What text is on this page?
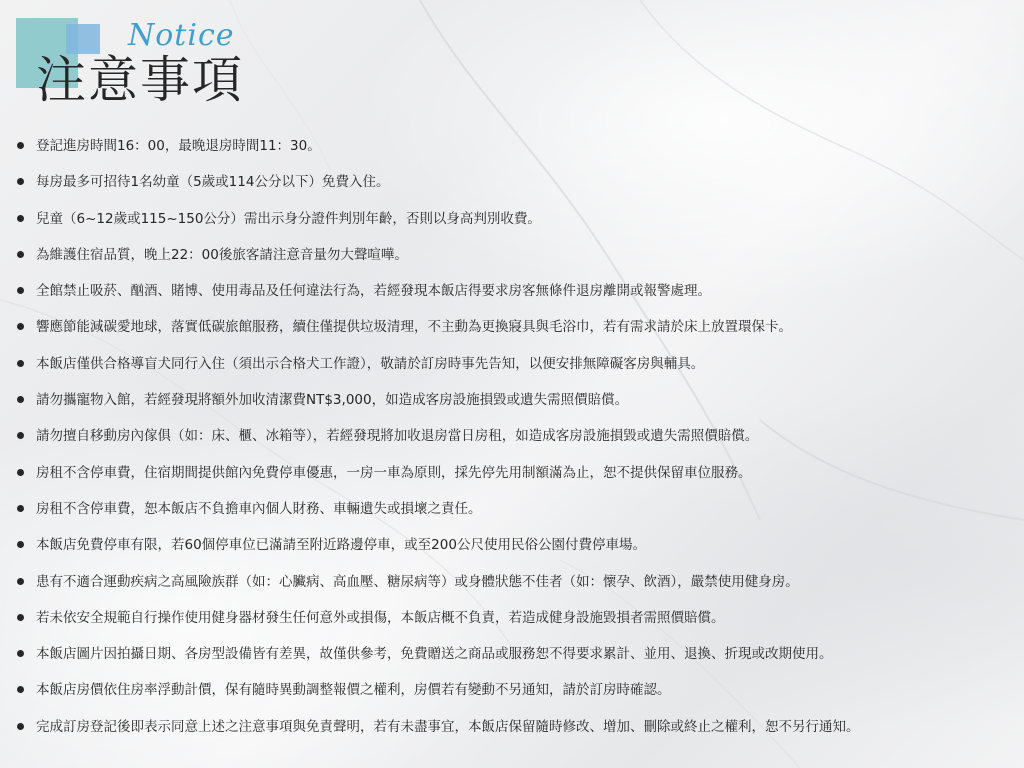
Notice
注意事項
登記進房時間16：00，最晚退房時間11：30。
每房最多可招待1名幼童（5歲或114公分以下）免費入住。
兒童（6~12歲或115~150公分）需出示身分證件判別年齡，否則以身高判別收費。
為維護住宿品質，晚上22：00後旅客請注意音量勿大聲喧嘩。
全館禁止吸菸、酗酒、賭博、使用毒品及任何違法行為，若經發現本飯店得要求房客無條件退房離開或報警處理。
響應節能減碳愛地球，落實低碳旅館服務，續住僅提供垃圾清理，不主動為更換寢具與毛浴巾，若有需求請於床上放置環保卡。
本飯店僅供合格導盲犬同行入住（須出示合格犬工作證），敬請於訂房時事先告知，以便安排無障礙客房與輔具。
請勿攜寵物入館，若經發現將額外加收清潔費NT$3,000，如造成客房設施損毀或遺失需照價賠償。
請勿擅自移動房內傢俱（如：床、櫃、冰箱等），若經發現將加收退房當日房租，如造成客房設施損毀或遺失需照價賠償。
房租不含停車費，住宿期間提供館內免費停車優惠，一房一車為原則，採先停先用制額滿為止，恕不提供保留車位服務。
房租不含停車費，恕本飯店不負擔車內個人財務、車輛遺失或損壞之責任。
本飯店免費停車有限，若60個停車位已滿請至附近路邊停車，或至200公尺使用民俗公園付費停車場。
患有不適合運動疾病之高風險族群（如：心臟病、高血壓、糖尿病等）或身體狀態不佳者（如：懷孕、飲酒），嚴禁使用健身房。
若未依安全規範自行操作使用健身器材發生任何意外或損傷，本飯店概不負責，若造成健身設施毀損者需照價賠償。
本飯店圖片因拍攝日期、各房型設備皆有差異，故僅供參考，免費贈送之商品或服務恕不得要求累計、並用、退換、折現或改期使用。
本飯店房價依住房率浮動計價，保有隨時異動調整報價之權利，房價若有變動不另通知，請於訂房時確認。
完成訂房登記後即表示同意上述之注意事項與免責聲明，若有未盡事宜，本飯店保留隨時修改、增加、刪除或終止之權利，恕不另行通知。
